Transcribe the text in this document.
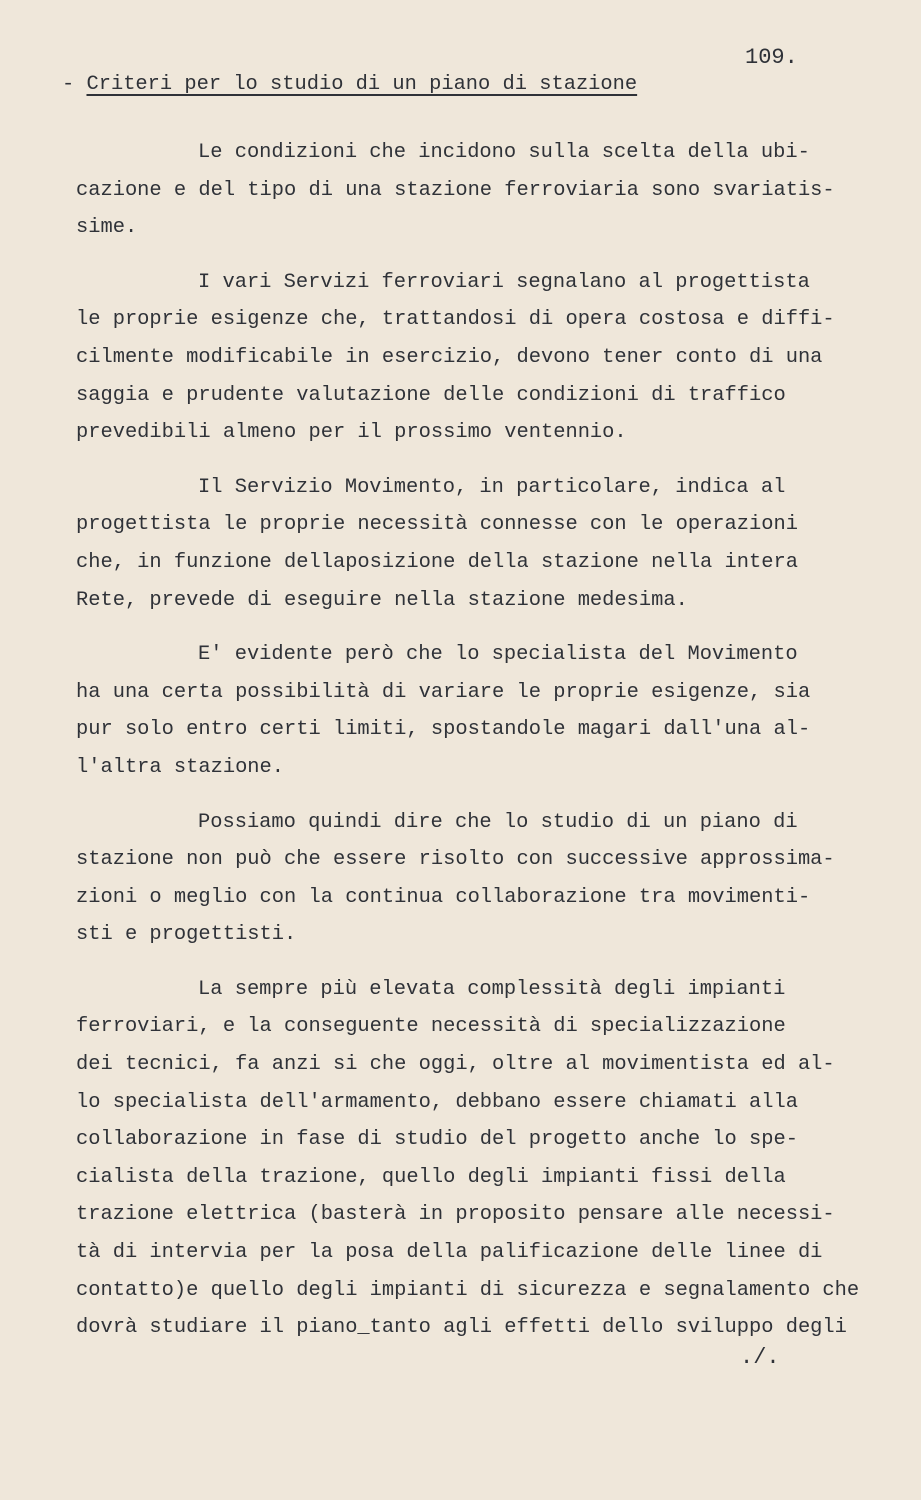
109.
- Criteri per lo studio di un piano di stazione
Le condizioni che incidono sulla scelta della ubi-
cazione e del tipo di una stazione ferroviaria sono svariatis-
sime.
I vari Servizi ferroviari segnalano al progettista
le proprie esigenze che, trattandosi di opera costosa e diffi-
cilmente modificabile in esercizio, devono tener conto di una
saggia e prudente valutazione delle condizioni di traffico
prevedibili almeno per il prossimo ventennio.
Il Servizio Movimento, in particolare, indica al
progettista le proprie necessità connesse con le operazioni
che, in funzione dellaposizione della stazione nella intera
Rete, prevede di eseguire nella stazione medesima.
E' evidente però che lo specialista del Movimento
ha una certa possibilità di variare le proprie esigenze, sia
pur solo entro certi limiti, spostandole magari dall'una al-
l'altra stazione.
Possiamo quindi dire che lo studio di un piano di
stazione non può che essere risolto con successive approssima-
zioni o meglio con la continua collaborazione tra movimenti-
sti e progettisti.
La sempre più elevata complessità degli impianti
ferroviari, e la conseguente necessità di specializzazione
dei tecnici, fa anzi si che oggi, oltre al movimentista ed al-
lo specialista dell'armamento, debbano essere chiamati alla
collaborazione in fase di studio del progetto anche lo spe-
cialista della trazione, quello degli impianti fissi della
trazione elettrica (basterà in proposito pensare alle necessi-
tà di intervia per la posa della palificazione delle linee di
contatto)e quello degli impianti di sicurezza e segnalamento che
dovrà studiare il piano_tanto agli effetti dello sviluppo degli
./.
